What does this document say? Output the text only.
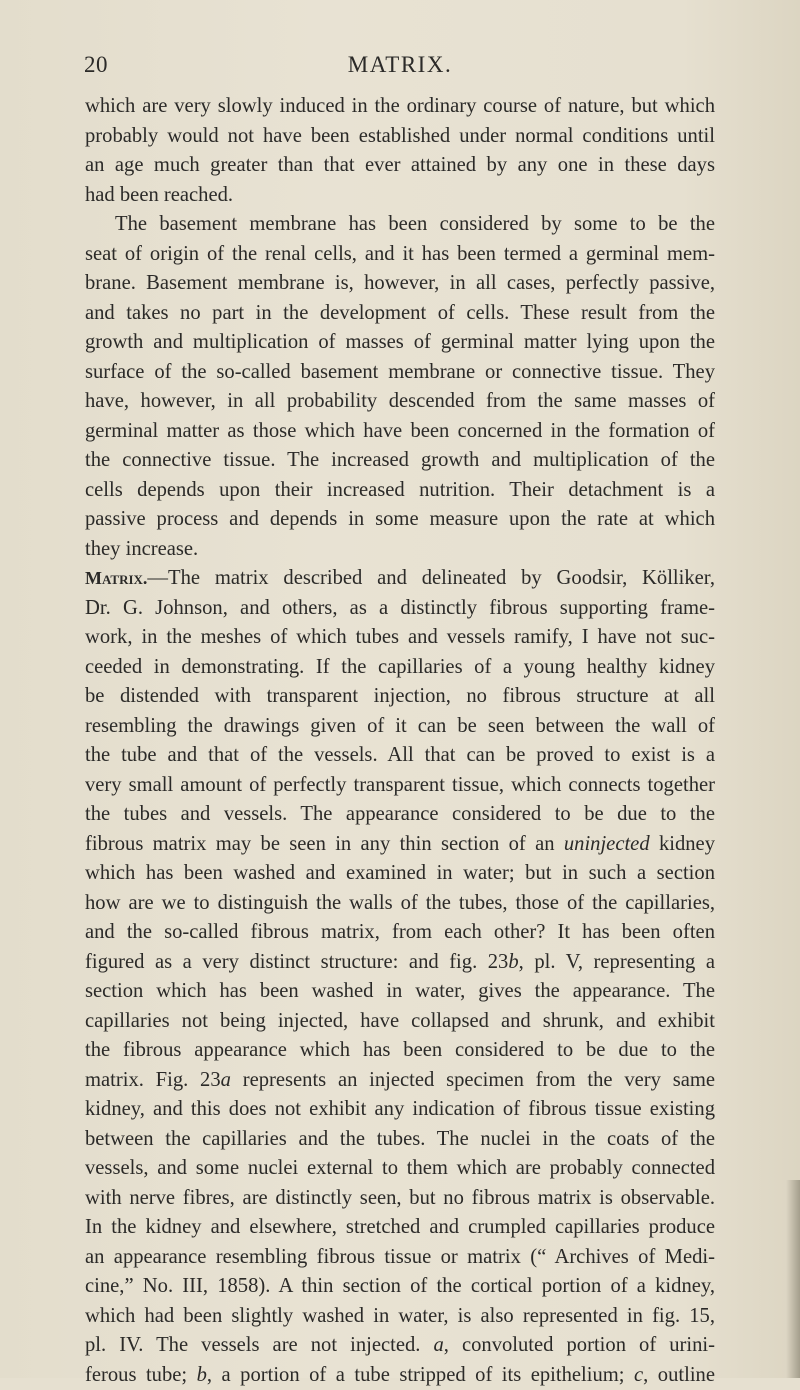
20	MATRIX.
which are very slowly induced in the ordinary course of nature, but which
probably would not have been established under normal conditions until
an age much greater than that ever attained by any one in these days
had been reached.
The basement membrane has been considered by some to be the
seat of origin of the renal cells, and it has been termed a germinal mem-
brane. Basement membrane is, however, in all cases, perfectly passive,
and takes no part in the development of cells. These result from the
growth and multiplication of masses of germinal matter lying upon the
surface of the so-called basement membrane or connective tissue. They
have, however, in all probability descended from the same masses of
germinal matter as those which have been concerned in the formation of
the connective tissue. The increased growth and multiplication of the
cells depends upon their increased nutrition. Their detachment is a
passive process and depends in some measure upon the rate at which
they increase.
Matrix.—The matrix described and delineated by Goodsir, Kölliker,
Dr. G. Johnson, and others, as a distinctly fibrous supporting frame-
work, in the meshes of which tubes and vessels ramify, I have not suc-
ceeded in demonstrating. If the capillaries of a young healthy kidney
be distended with transparent injection, no fibrous structure at all
resembling the drawings given of it can be seen between the wall of
the tube and that of the vessels. All that can be proved to exist is a
very small amount of perfectly transparent tissue, which connects together
the tubes and vessels. The appearance considered to be due to the
fibrous matrix may be seen in any thin section of an uninjected kidney
which has been washed and examined in water; but in such a section
how are we to distinguish the walls of the tubes, those of the capillaries,
and the so-called fibrous matrix, from each other? It has been often
figured as a very distinct structure: and fig. 23b, pl. V, representing a
section which has been washed in water, gives the appearance. The
capillaries not being injected, have collapsed and shrunk, and exhibit
the fibrous appearance which has been considered to be due to the
matrix. Fig. 23a represents an injected specimen from the very same
kidney, and this does not exhibit any indication of fibrous tissue existing
between the capillaries and the tubes. The nuclei in the coats of the
vessels, and some nuclei external to them which are probably connected
with nerve fibres, are distinctly seen, but no fibrous matrix is observable.
In the kidney and elsewhere, stretched and crumpled capillaries produce
an appearance resembling fibrous tissue or matrix (“ Archives of Medi-
cine,” No. III, 1858). A thin section of the cortical portion of a kidney,
which had been slightly washed in water, is also represented in fig. 15,
pl. IV. The vessels are not injected. a, convoluted portion of urini-
ferous tube; b, a portion of a tube stripped of its epithelium; c, outline
